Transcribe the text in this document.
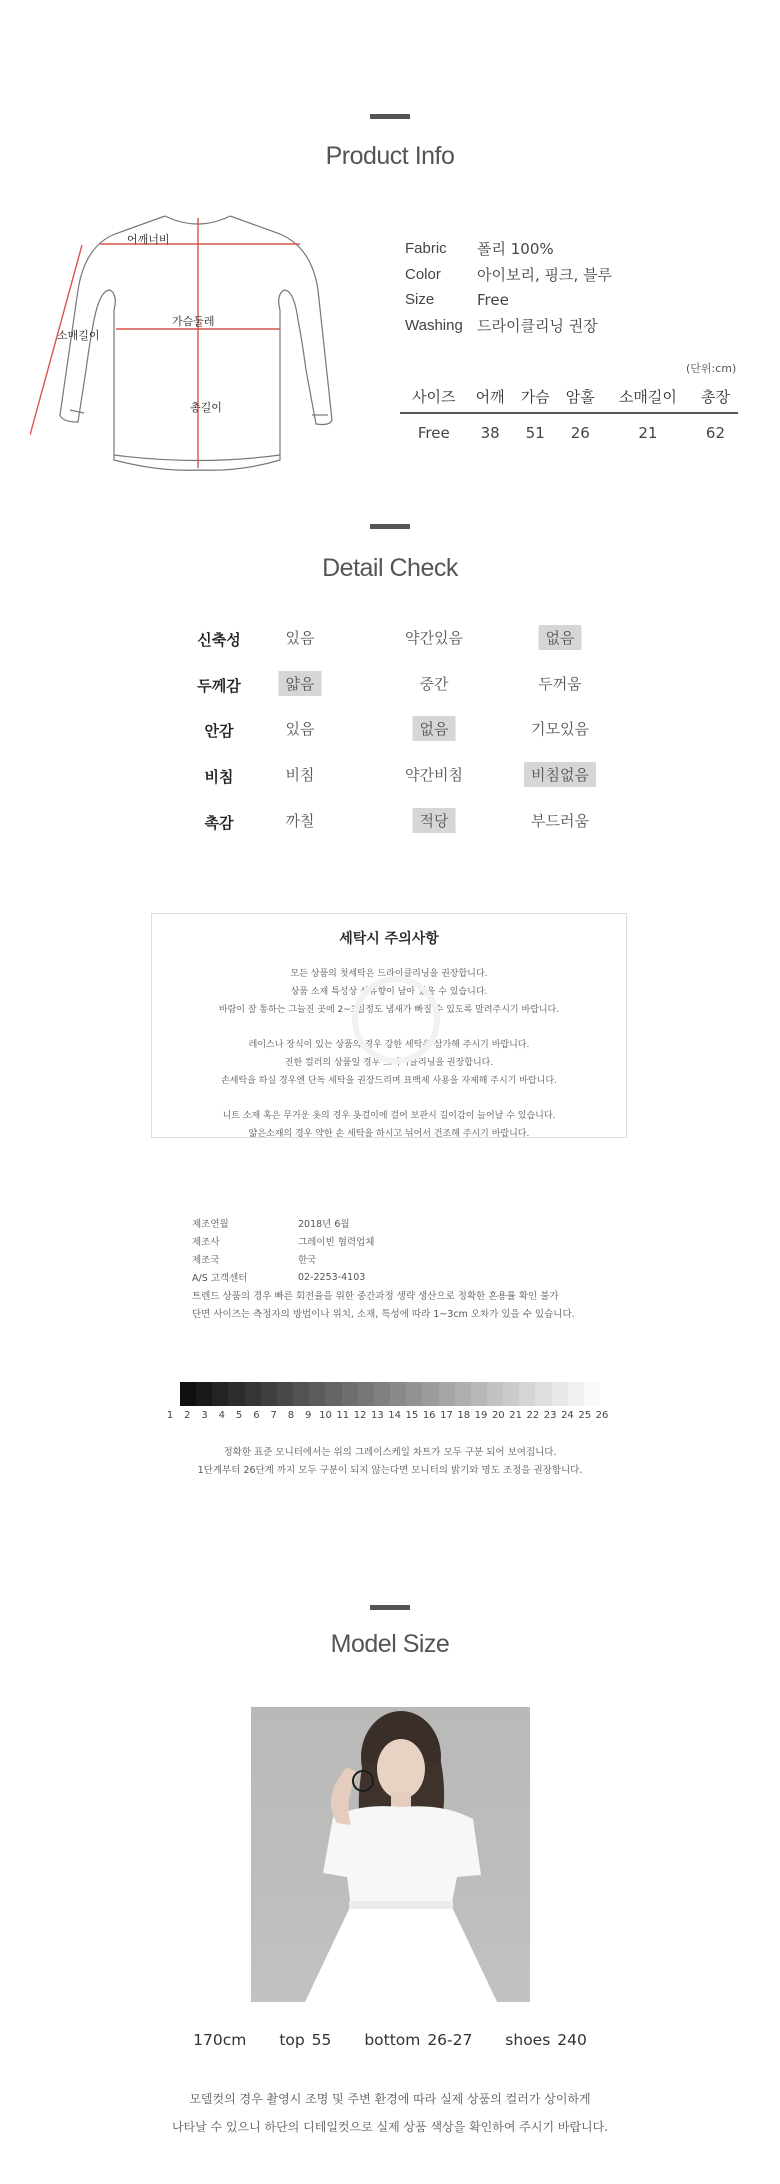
Product Info
어깨너비
가슴둘레
소매길이
총길이
Fabric	폴리 100%
Color	아이보리, 핑크, 블루
Size	Free
Washing 드라이클리닝 권장
(단위:cm)
사이즈	어깨	가슴	암홀	소매길이	총장
Free	38	51	26	21	62
Detail Check
신축성	있음	약간있음	없음
두께감	얇음	중간	두꺼움
안감	있음	없음	기모있음
비침	비침	약간비침	비침없음
촉감	까칠	적당	부드러움
세탁시 주의사항
모든 상품의 첫세탁은 드라이클리닝을 권장합니다.
상품 소재 특성상 섬유향이 남아 있을 수 있습니다.
바람이 잘 통하는 그늘진 곳에 2~3일정도 냄새가 빠질 수 있도록 말려주시기 바랍니다.
레이스나 장식이 있는 상품의 경우 강한 세탁은 삼가해 주시기 바랍니다.
진한 컬러의 상품일 경우 드라이클리닝을 권장합니다.
손세탁을 하실 경우엔 단독 세탁을 권장드리며 표백제 사용을 자제해 주시기 바랍니다.
니트 소재 혹은 무거운 옷의 경우 옷걸이에 걸어 보관시 길이감이 늘어날 수 있습니다.
얇은소재의 경우 약한 손 세탁을 하시고 뉘어서 건조해 주시기 바랍니다.
제조연월	2018년 6월
제조사	그레이빈 협력업체
제조국	한국
A/S 고객센터	02-2253-4103
트렌드 상품의 경우 빠른 회전율을 위한 중간과정 생략 생산으로 정확한 혼용률 확인 불가
단면 사이즈는 측정자의 방법이나 위치, 소재, 특성에 따라 1~3cm 오차가 있을 수 있습니다.
1 2 3 4 5 6 7 8 9 10 11 12 13 14 15 16 17 18 19 20 21 22 23 24 25 26
정확한 표준 모니터에서는 위의 그레이스케일 차트가 모두 구분 되어 보여집니다.
1단계부터 26단계 까지 모두 구분이 되지 않는다면 모니터의 밝기와 명도 조정을 권장합니다.
Model Size
170cm top 55 bottom 26-27 shoes 240
모델컷의 경우 촬영시 조명 및 주변 환경에 따라 실제 상품의 컬러가 상이하게
나타날 수 있으니 하단의 디테일컷으로 실제 상품 색상을 확인하여 주시기 바랍니다.
